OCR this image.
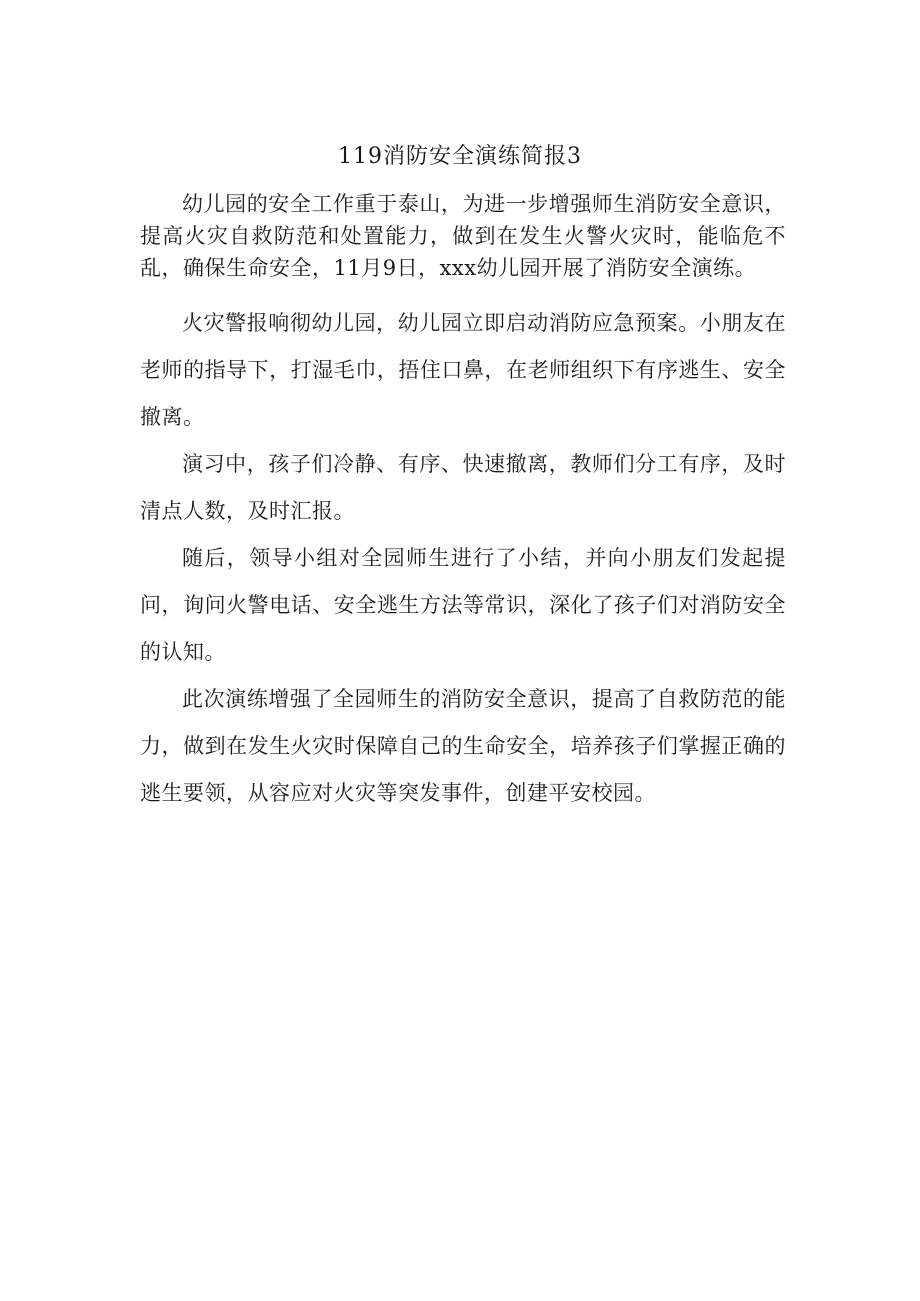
119消防安全演练简报3

幼儿园的安全工作重于泰山，为进一步增强师生消防安全意识，提高火灾自救防范和处置能力，做到在发生火警火灾时，能临危不乱，确保生命安全，11月9日，xxx幼儿园开展了消防安全演练。

火灾警报响彻幼儿园，幼儿园立即启动消防应急预案。小朋友在老师的指导下，打湿毛巾，捂住口鼻，在老师组织下有序逃生、安全撤离。

演习中，孩子们冷静、有序、快速撤离，教师们分工有序，及时清点人数，及时汇报。

随后，领导小组对全园师生进行了小结，并向小朋友们发起提问，询问火警电话、安全逃生方法等常识，深化了孩子们对消防安全的认知。

此次演练增强了全园师生的消防安全意识，提高了自救防范的能力，做到在发生火灾时保障自己的生命安全，培养孩子们掌握正确的逃生要领，从容应对火灾等突发事件，创建平安校园。
